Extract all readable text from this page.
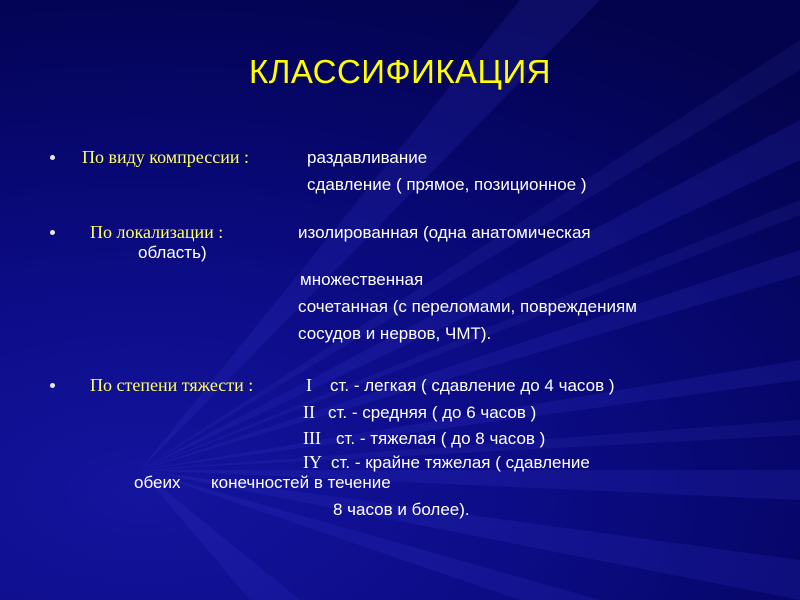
КЛАССИФИКАЦИЯ
По виду компрессии :	раздавливание
сдавление ( прямое, позиционное )
По локализации :	изолированная (одна анатомическая
область)
множественная
сочетанная (с переломами, повреждениям
сосудов и нервов, ЧМТ).
По степени тяжести :	I ст. - легкая ( сдавление до 4 часов )
II ст. - средняя ( до 6 часов )
III ст. - тяжелая ( до 8 часов )
IY ст. - крайне тяжелая ( сдавление
обеих конечностей в течение
8 часов и более).
